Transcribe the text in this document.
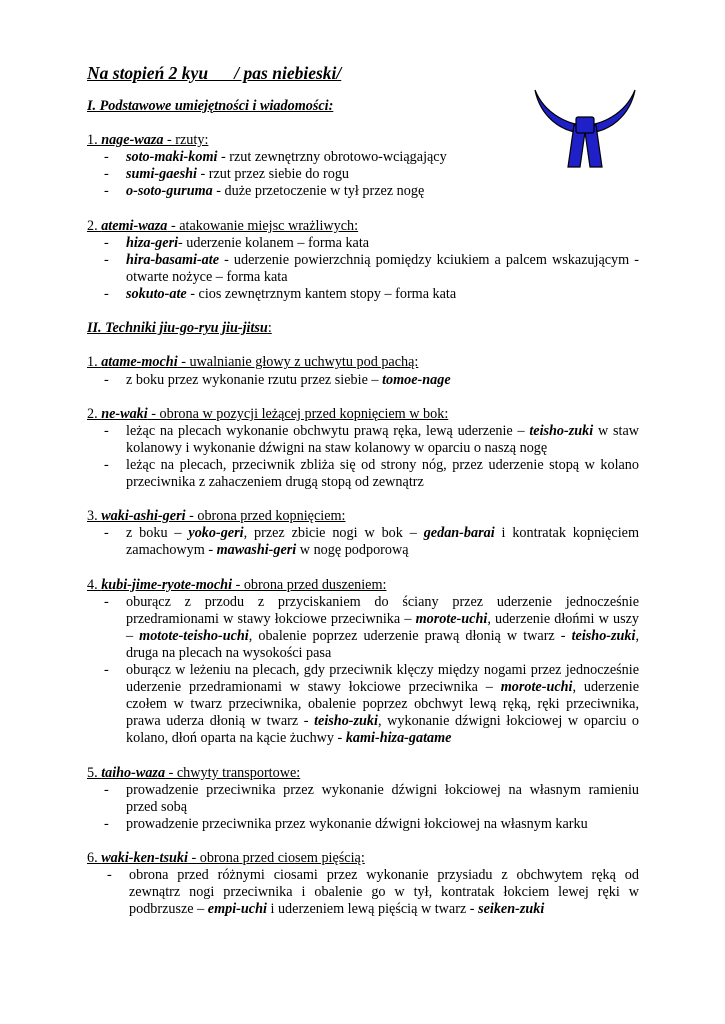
Na stopień 2 kyu      / pas niebieski/

I. Podstawowe umiejętności i wiadomości:

1. nage-waza - rzuty:
- soto-maki-komi - rzut zewnętrzny obrotowo-wciągający
- sumi-gaeshi - rzut przez siebie do rogu
- o-soto-guruma - duże przetoczenie w tył przez nogę
2. atemi-waza - atakowanie miejsc wrażliwych:
- hiza-geri- uderzenie kolanem – forma kata
- hira-basami-ate - uderzenie powierzchnią pomiędzy kciukiem a palcem wskazującym -otwarte nożyce – forma kata
- sokuto-ate - cios zewnętrznym kantem stopy – forma kata

II. Techniki jiu-go-ryu jiu-jitsu:

1. atame-mochi - uwalnianie głowy z uchwytu pod pachą:
- z boku przez wykonanie rzutu przez siebie – tomoe-nage
2. ne-waki - obrona w pozycji leżącej przed kopnięciem w bok:
- leżąc na plecach wykonanie obchwytu prawą ręka, lewą uderzenie – teisho-zuki w staw kolanowy i wykonanie dźwigni na staw kolanowy w oparciu o naszą nogę
- leżąc na plecach, przeciwnik zbliża się od strony nóg, przez uderzenie stopą w kolano przeciwnika z zahaczeniem drugą stopą od zewnątrz
3. waki-ashi-geri - obrona przed kopnięciem:
- z boku – yoko-geri, przez zbicie nogi w bok – gedan-barai i kontratak kopnięciem zamachowym - mawashi-geri w nogę podporową
4. kubi-jime-ryote-mochi - obrona przed duszeniem:
- oburącz z przodu z przyciskaniem do ściany przez uderzenie jednocześnie przedramionami w stawy łokciowe przeciwnika – morote-uchi, uderzenie dłońmi w uszy – motote-teisho-uchi, obalenie poprzez uderzenie prawą dłonią w twarz - teisho-zuki, druga na plecach na wysokości pasa
- oburącz w leżeniu na plecach, gdy przeciwnik klęczy między nogami przez jednocześnie uderzenie przedramionami w stawy łokciowe przeciwnika – morote-uchi, uderzenie czołem w twarz przeciwnika, obalenie poprzez obchwyt lewą ręką, ręki przeciwnika, prawa uderza dłonią w twarz - teisho-zuki, wykonanie dźwigni łokciowej w oparciu o kolano, dłoń oparta na kącie żuchwy - kami-hiza-gatame
5. taiho-waza - chwyty transportowe:
- prowadzenie przeciwnika przez wykonanie dźwigni łokciowej na własnym ramieniu przed sobą
- prowadzenie przeciwnika przez wykonanie dźwigni łokciowej na własnym karku
6. waki-ken-tsuki - obrona przed ciosem pięścią:
- obrona przed różnymi ciosami przez wykonanie przysiadu z obchwytem ręką od zewnątrz nogi przeciwnika i obalenie go w tył, kontratak łokciem lewej ręki w podbrzusze – empi-uchi i uderzeniem lewą pięścią w twarz - seiken-zuki
